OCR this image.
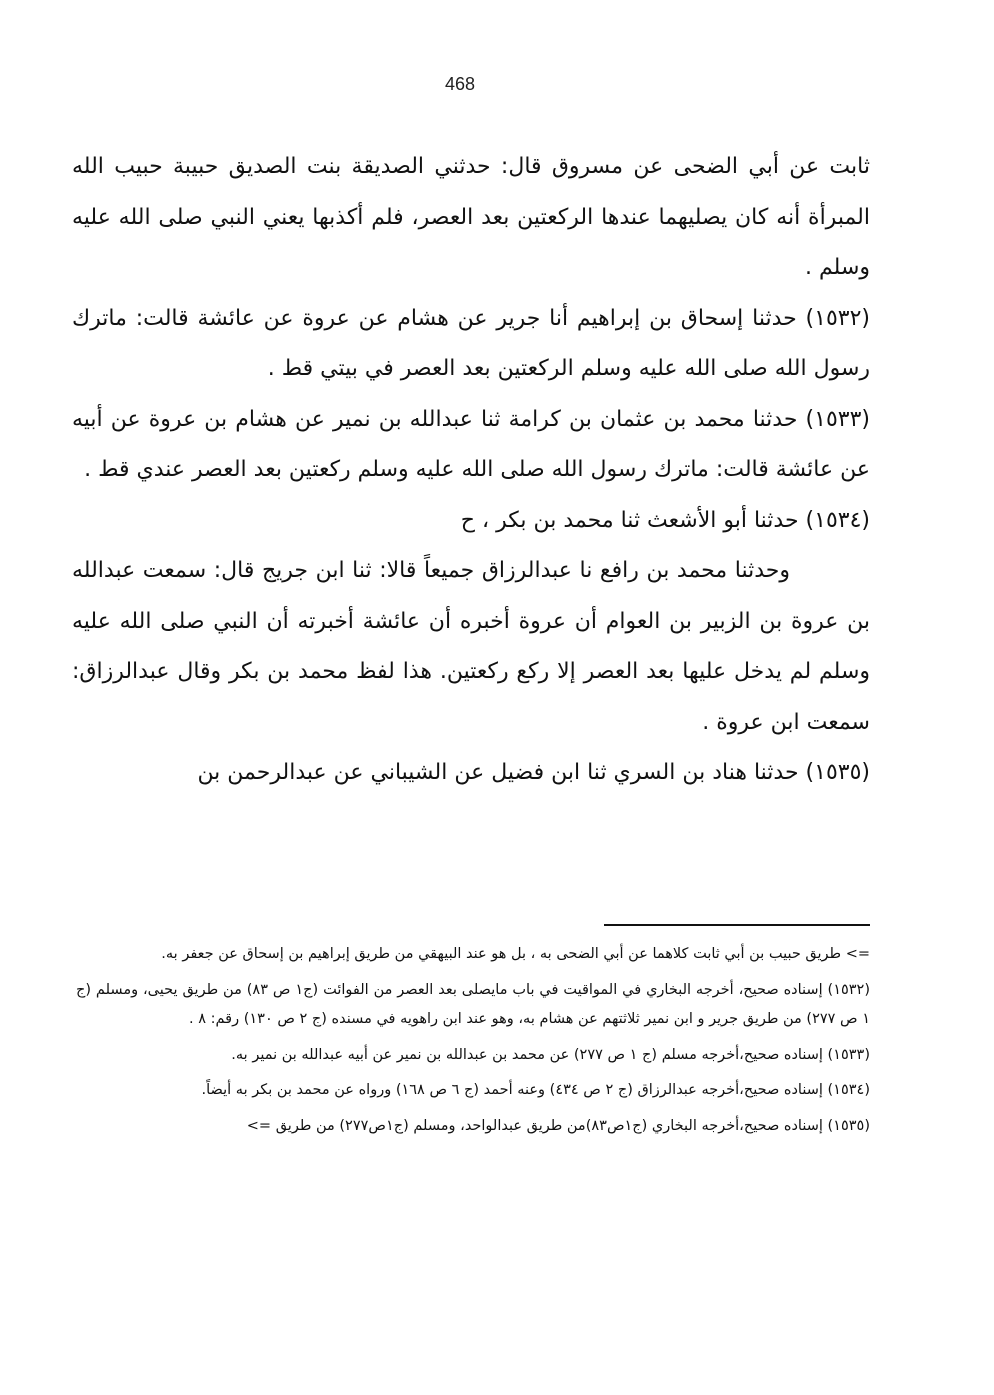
468

ثابت عن أبي الضحى عن مسروق قال: حدثني الصديقة بنت الصديق حبيبة حبيب الله المبرأة أنه كان يصليهما عندها الركعتين بعد العصر، فلم أكذبها يعني النبي صلى الله عليه وسلم .

(١٥٣٢) حدثنا إسحاق بن إبراهيم أنا جرير عن هشام عن عروة عن عائشة قالت: ماترك رسول الله صلى الله عليه وسلم الركعتين بعد العصر في بيتي قط .

(١٥٣٣) حدثنا محمد بن عثمان بن كرامة ثنا عبدالله بن نمير عن هشام بن عروة عن أبيه عن عائشة قالت: ماترك رسول الله صلى الله عليه وسلم ركعتين بعد العصر عندي قط .

(١٥٣٤) حدثنا أبو الأشعث ثنا محمد بن بكر ، ح

وحدثنا محمد بن رافع نا عبدالرزاق جميعاً قالا: ثنا ابن جريج قال: سمعت عبدالله بن عروة بن الزبير بن العوام أن عروة أخبره أن عائشة أخبرته أن النبي صلى الله عليه وسلم لم يدخل عليها بعد العصر إلا ركع ركعتين. هذا لفظ محمد بن بكر وقال عبدالرزاق: سمعت ابن عروة .

(١٥٣٥) حدثنا هناد بن السري ثنا ابن فضيل عن الشيباني عن عبدالرحمن بن

=> طريق حبيب بن أبي ثابت كلاهما عن أبي الضحى به ، بل هو عند البيهقي من طريق إبراهيم بن إسحاق عن جعفر به.

(١٥٣٢) إسناده صحيح، أخرجه البخاري في المواقيت في باب مايصلى بعد العصر من الفوائت (ج١ ص ٨٣) من طريق يحيى، ومسلم (ج ١ ص ٢٧٧) من طريق جرير و ابن نمير ثلاثتهم عن هشام به، وهو عند ابن راهويه في مسنده (ج ٢ ص ١٣٠) رقم: ٨ .

(١٥٣٣) إسناده صحيح،أخرجه مسلم (ج ١ ص ٢٧٧) عن محمد بن عبدالله بن نمير عن أبيه عبدالله بن نمير به.

(١٥٣٤) إسناده صحيح،أخرجه عبدالرزاق (ج ٢ ص ٤٣٤) وعنه أحمد (ج ٦ ص ١٦٨) ورواه عن محمد بن بكر به أيضاً.

(١٥٣٥) إسناده صحيح،أخرجه البخاري (ج١ص٨٣)من طريق عبدالواحد، ومسلم (ج١ص٢٧٧) من طريق =>
